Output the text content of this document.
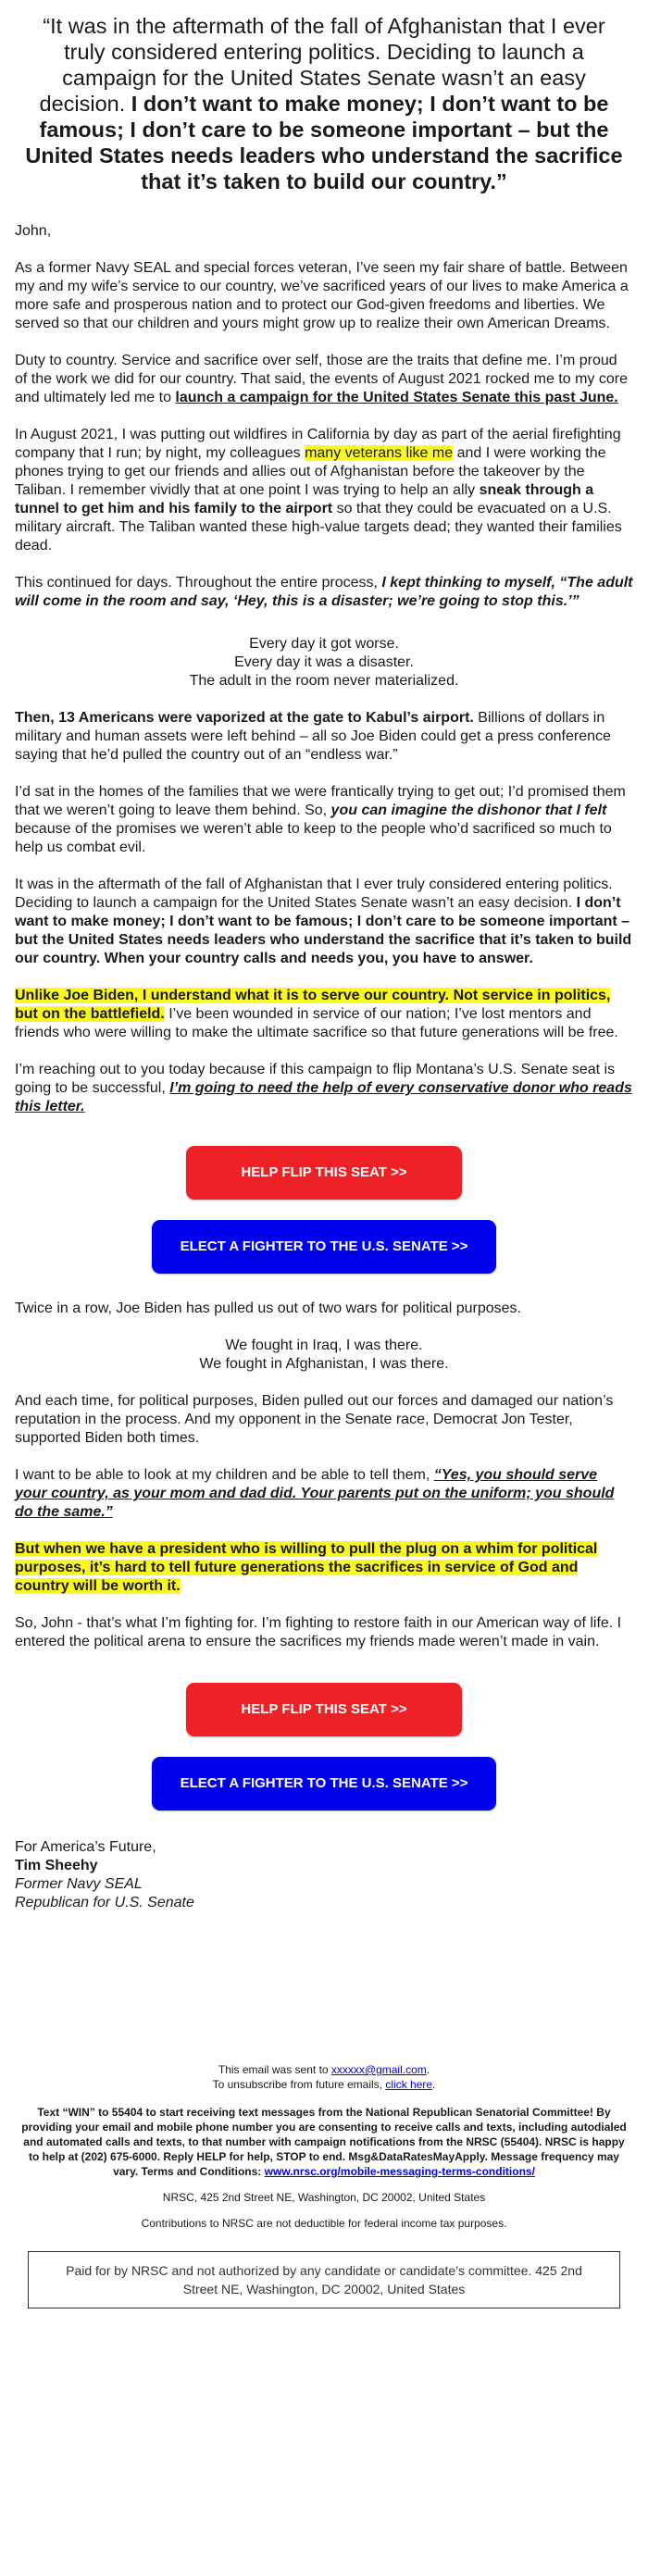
“It was in the aftermath of the fall of Afghanistan that I ever truly considered entering politics. Deciding to launch a campaign for the United States Senate wasn’t an easy decision. I don’t want to make money; I don’t want to be famous; I don’t care to be someone important – but the United States needs leaders who understand the sacrifice that it’s taken to build our country.”

John,

As a former Navy SEAL and special forces veteran, I’ve seen my fair share of battle. Between my and my wife’s service to our country, we’ve sacrificed years of our lives to make America a more safe and prosperous nation and to protect our God-given freedoms and liberties. We served so that our children and yours might grow up to realize their own American Dreams.

Duty to country. Service and sacrifice over self, those are the traits that define me. I’m proud of the work we did for our country. That said, the events of August 2021 rocked me to my core and ultimately led me to launch a campaign for the United States Senate this past June.

In August 2021, I was putting out wildfires in California by day as part of the aerial firefighting company that I run; by night, my colleagues many veterans like me and I were working the phones trying to get our friends and allies out of Afghanistan before the takeover by the Taliban. I remember vividly that at one point I was trying to help an ally sneak through a tunnel to get him and his family to the airport so that they could be evacuated on a U.S. military aircraft. The Taliban wanted these high-value targets dead; they wanted their families dead.

This continued for days. Throughout the entire process, I kept thinking to myself, “The adult will come in the room and say, ‘Hey, this is a disaster; we’re going to stop this.’”

Every day it got worse.

Every day it was a disaster.

The adult in the room never materialized.

Then, 13 Americans were vaporized at the gate to Kabul’s airport. Billions of dollars in military and human assets were left behind – all so Joe Biden could get a press conference saying that he’d pulled the country out of an “endless war.”

I’d sat in the homes of the families that we were frantically trying to get out; I’d promised them that we weren’t going to leave them behind. So, you can imagine the dishonor that I felt because of the promises we weren’t able to keep to the people who’d sacrificed so much to help us combat evil.

It was in the aftermath of the fall of Afghanistan that I ever truly considered entering politics. Deciding to launch a campaign for the United States Senate wasn’t an easy decision. I don’t want to make money; I don’t want to be famous; I don’t care to be someone important – but the United States needs leaders who understand the sacrifice that it’s taken to build our country. When your country calls and needs you, you have to answer.

Unlike Joe Biden, I understand what it is to serve our country. Not service in politics, but on the battlefield. I’ve been wounded in service of our nation; I’ve lost mentors and friends who were willing to make the ultimate sacrifice so that future generations will be free.

I’m reaching out to you today because if this campaign to flip Montana’s U.S. Senate seat is going to be successful, I’m going to need the help of every conservative donor who reads this letter.

HELP FLIP THIS SEAT >>
ELECT A FIGHTER TO THE U.S. SENATE >>

Twice in a row, Joe Biden has pulled us out of two wars for political purposes.

We fought in Iraq, I was there.

We fought in Afghanistan, I was there.

And each time, for political purposes, Biden pulled out our forces and damaged our nation’s reputation in the process. And my opponent in the Senate race, Democrat Jon Tester, supported Biden both times.

I want to be able to look at my children and be able to tell them, “Yes, you should serve your country, as your mom and dad did. Your parents put on the uniform; you should do the same.”

But when we have a president who is willing to pull the plug on a whim for political purposes, it’s hard to tell future generations the sacrifices in service of God and country will be worth it.

So, John - that’s what I’m fighting for. I’m fighting to restore faith in our American way of life. I entered the political arena to ensure the sacrifices my friends made weren’t made in vain.

HELP FLIP THIS SEAT >>
ELECT A FIGHTER TO THE U.S. SENATE >>

For America’s Future,

Tim Sheehy

Former Navy SEAL

Republican for U.S. Senate

This email was sent to xxxxxx@gmail.com.

To unsubscribe from future emails, click here.

Text “WIN” to 55404 to start receiving text messages from the National Republican Senatorial Committee! By providing your email and mobile phone number you are consenting to receive calls and texts, including autodialed and automated calls and texts, to that number with campaign notifications from the NRSC (55404). NRSC is happy to help at (202) 675-6000. Reply HELP for help, STOP to end. Msg&DataRatesMayApply. Message frequency may vary. Terms and Conditions: www.nrsc.org/mobile-messaging-terms-conditions/

NRSC, 425 2nd Street NE, Washington, DC 20002, United States

Contributions to NRSC are not deductible for federal income tax purposes.

Paid for by NRSC and not authorized by any candidate or candidate’s committee. 425 2nd Street NE, Washington, DC 20002, United States
